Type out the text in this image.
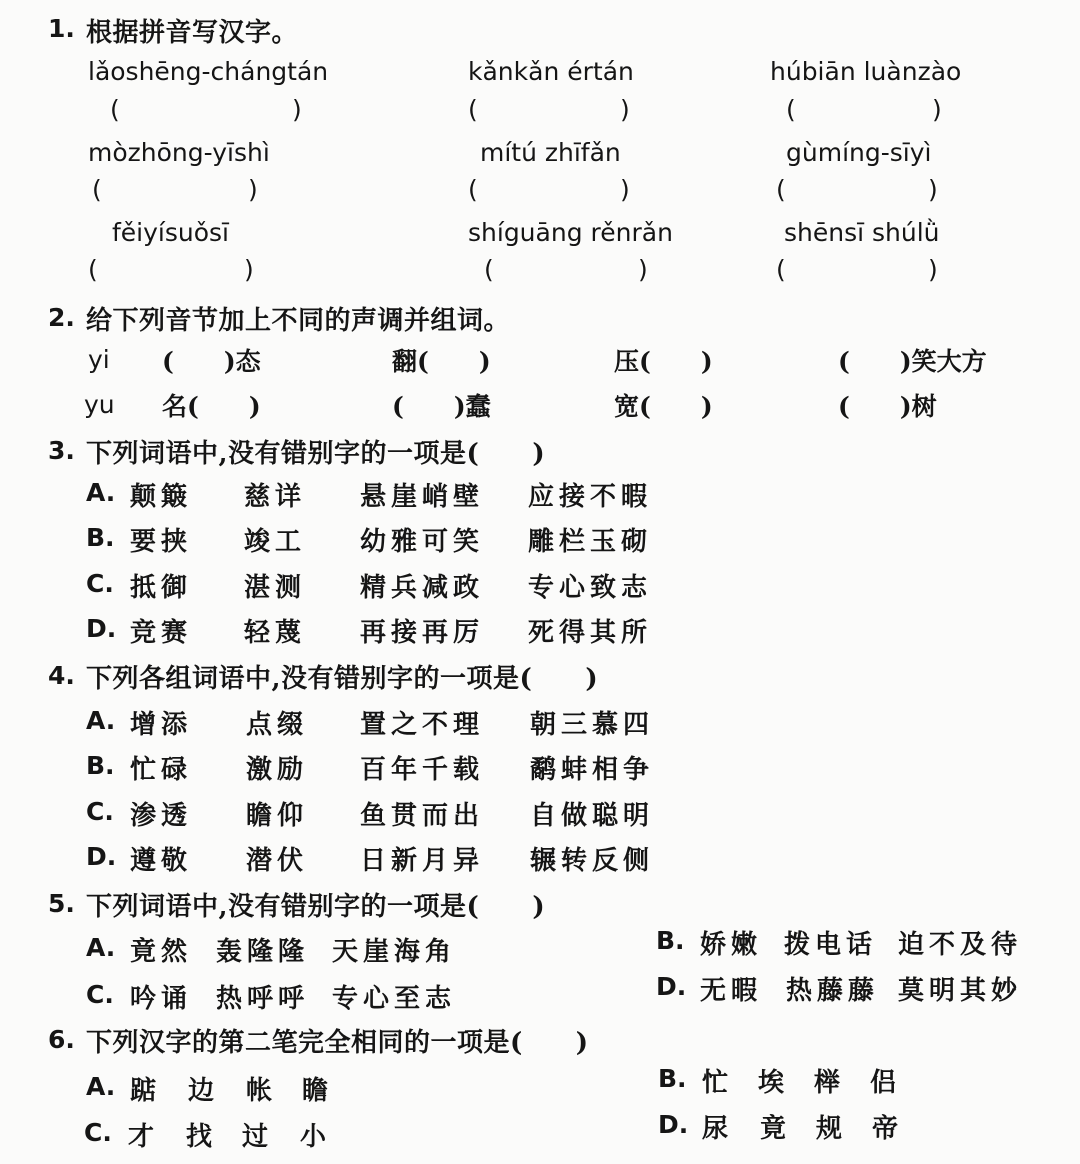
1. 根据拼音写汉字。
lǎoshēng-chángtán	kǎnkǎn értán	húbiān luànzào
(	)	(	)	(	)
mòzhōng-yīshì	mítú zhīfǎn	gùmíng-sīyì
(	)	(	)	(	)
fěiyísuǒsī	shíguāng rěnrǎn	shēnsī shúlǜ
(	)	(	)	(	)
2. 给下列音节加上不同的声调并组词。
yi (　　)态	翻(　　)	压(　　)	(　　)笑大方
yu 名(　　)	(　　)蠢	宽(　　)	(　　)树
3. 下列词语中,没有错别字的一项是(　　)
A. 颠簸 慈详 悬崖峭壁 应接不暇
B. 要挟 竣工 幼雅可笑 雕栏玉砌
C. 抵御 湛测 精兵减政 专心致志
D. 竞赛 轻蔑 再接再厉 死得其所
4. 下列各组词语中,没有错别字的一项是(　　)
A. 增添 点缀 置之不理 朝三慕四
B. 忙碌 激励 百年千载 鹬蚌相争
C. 渗透 瞻仰 鱼贯而出 自做聪明
D. 遵敬 潜伏 日新月异 辗转反侧
5. 下列词语中,没有错别字的一项是(　　)
A. 竟然 轰隆隆 天崖海角	B. 娇嫩 拨电话 迫不及待
C. 吟诵 热呼呼 专心至志	D. 无暇 热藤藤 莫明其妙
6. 下列汉字的第二笔完全相同的一项是(　　)
A. 踮 边 帐 瞻	B. 忙 埃 榉 侣
C. 才 找 过 小	D. 尿 竟 规 帝
